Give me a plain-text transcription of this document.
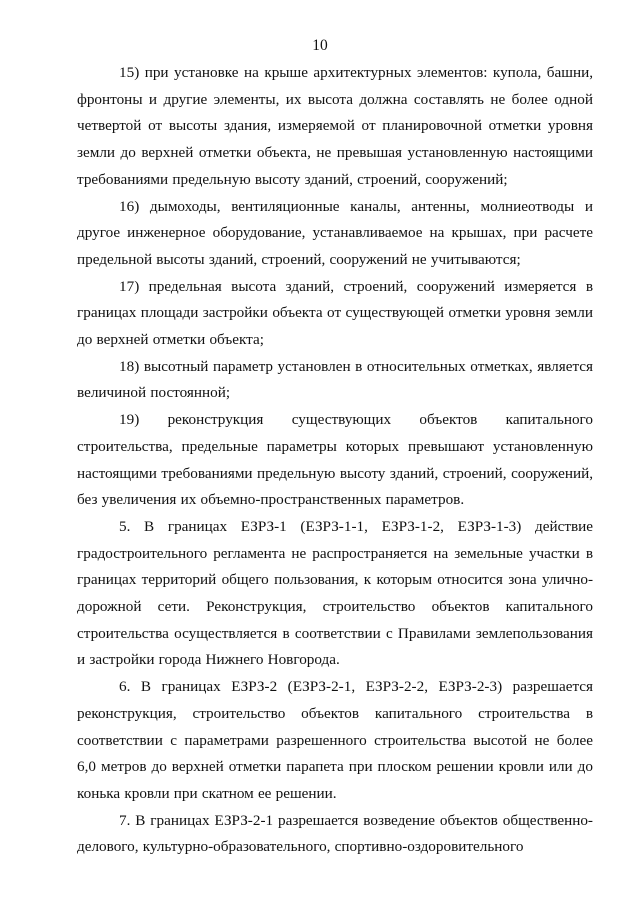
10

15) при установке на крыше архитектурных элементов: купола, башни, фронтоны и другие элементы, их высота должна составлять не более одной четвертой от высоты здания, измеряемой от планировочной отметки уровня земли до верхней отметки объекта, не превышая установленную настоящими требованиями предельную высоту зданий, строений, сооружений;

16) дымоходы, вентиляционные каналы, антенны, молниеотводы и другое инженерное оборудование, устанавливаемое на крышах, при расчете предельной высоты зданий, строений, сооружений не учитываются;

17) предельная высота зданий, строений, сооружений измеряется в границах площади застройки объекта от существующей отметки уровня земли до верхней отметки объекта;

18) высотный параметр установлен в относительных отметках, является величиной постоянной;

19) реконструкция существующих объектов капитального строительства, предельные параметры которых превышают установленную настоящими требованиями предельную высоту зданий, строений, сооружений, без увеличения их объемно-пространственных параметров.

5. В границах ЕЗРЗ-1 (ЕЗРЗ-1-1, ЕЗРЗ-1-2, ЕЗРЗ-1-3) действие градостроительного регламента не распространяется на земельные участки в границах территорий общего пользования, к которым относится зона улично-дорожной сети. Реконструкция, строительство объектов капитального строительства осуществляется в соответствии с Правилами землепользования и застройки города Нижнего Новгорода.

6. В границах ЕЗРЗ-2 (ЕЗРЗ-2-1, ЕЗРЗ-2-2, ЕЗРЗ-2-3) разрешается реконструкция, строительство объектов капитального строительства в соответствии с параметрами разрешенного строительства высотой не более 6,0 метров до верхней отметки парапета при плоском решении кровли или до конька кровли при скатном ее решении.

7. В границах ЕЗРЗ-2-1 разрешается возведение объектов общественно-делового, культурно-образовательного, спортивно-оздоровительного
